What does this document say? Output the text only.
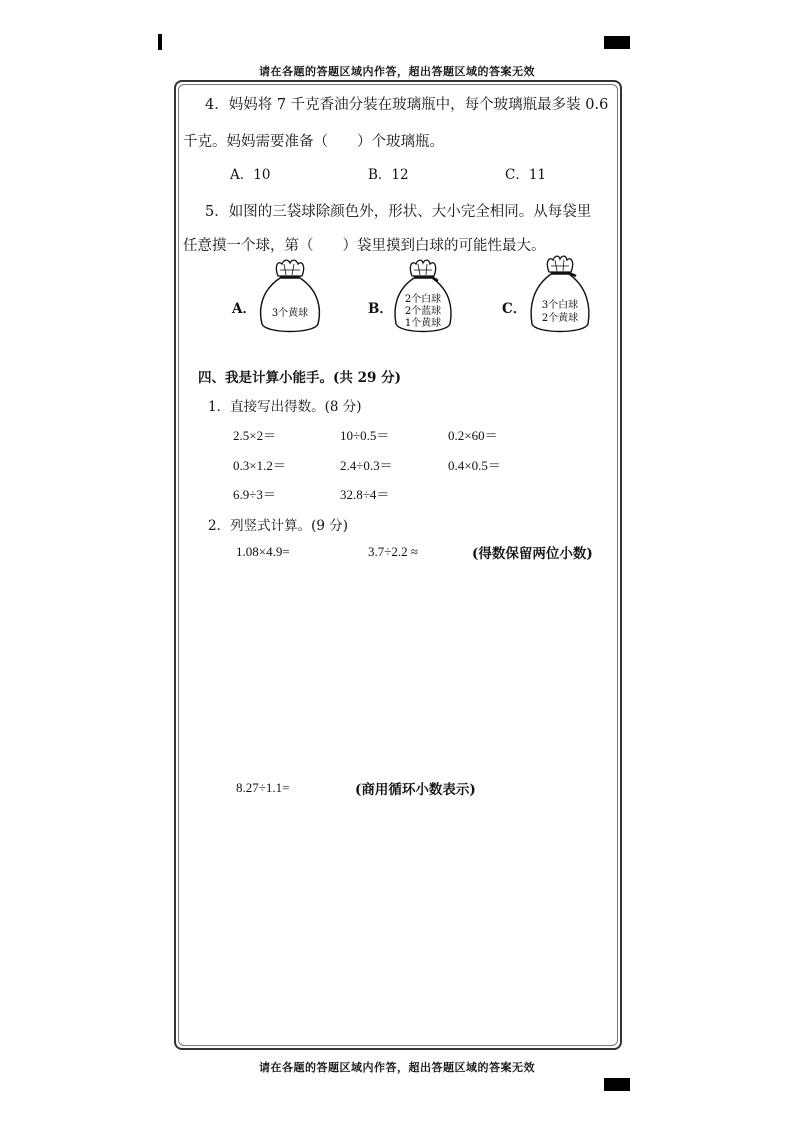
请在各题的答题区域内作答，超出答题区域的答案无效
请在各题的答题区域内作答，超出答题区域的答案无效
4．妈妈将 7 千克香油分装在玻璃瓶中，每个玻璃瓶最多装 0.6
千克。妈妈需要准备（　　）个玻璃瓶。
A．10	B．12	C．11
5．如图的三袋球除颜色外，形状、大小完全相同。从每袋里
任意摸一个球，第（　　）袋里摸到白球的可能性最大。
A． 3个黄球	B．
2个白球
2个蓝球
1个黄球
C． 3个白球
2个黄球
四、我是计算小能手。(共 29 分)
1．直接写出得数。(8 分)
2.5×2＝	10÷0.5＝	0.2×60＝
0.3×1.2＝	2.4÷0.3＝	0.4×0.5＝
6.9÷3＝	32.8÷4＝
2．列竖式计算。(9 分)
1.08×4.9=	3.7÷2.2 ≈	(得数保留两位小数)
8.27÷1.1=	(商用循环小数表示)
